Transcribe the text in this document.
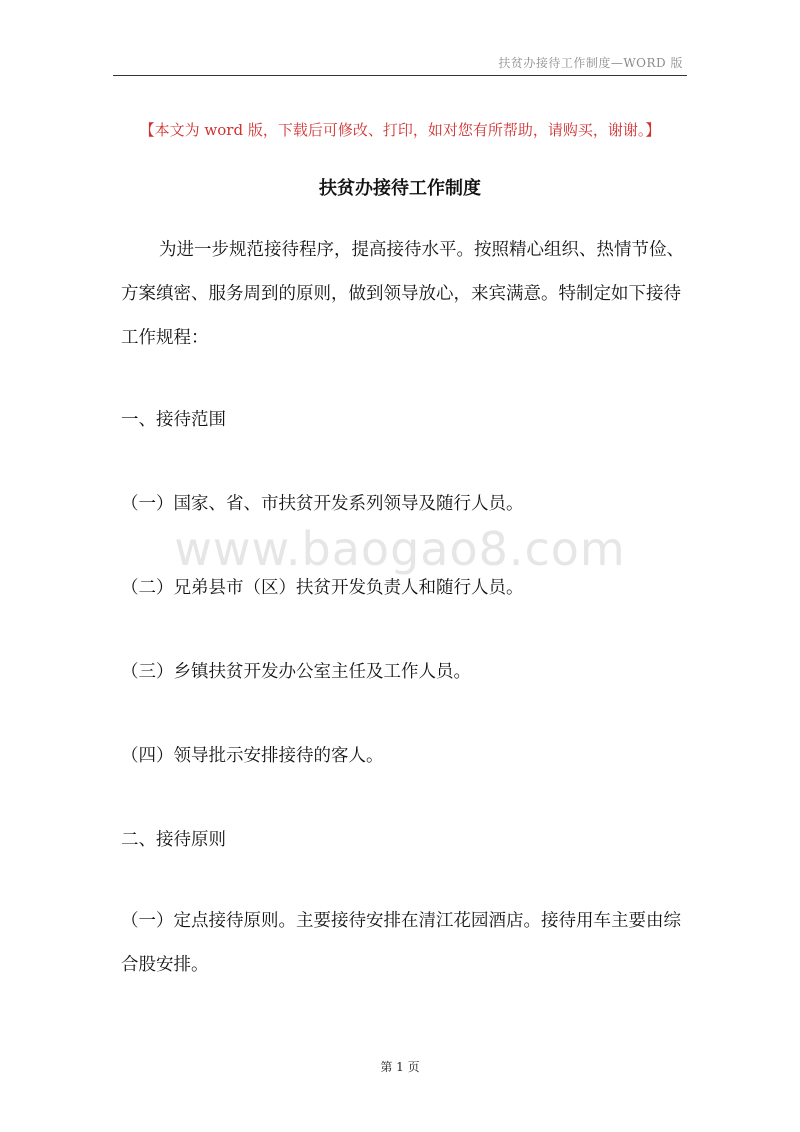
扶贫办接待工作制度—WORD 版
【本文为 word 版，下载后可修改、打印，如对您有所帮助，请购买，谢谢。】
扶贫办接待工作制度
为进一步规范接待程序，提高接待水平。按照精心组织、热情节俭、方案缜密、服务周到的原则，做到领导放心，来宾满意。特制定如下接待工作规程：
一、接待范围
（一）国家、省、市扶贫开发系列领导及随行人员。
www.baogao8.com
（二）兄弟县市（区）扶贫开发负责人和随行人员。
（三）乡镇扶贫开发办公室主任及工作人员。
（四）领导批示安排接待的客人。
二、接待原则
（一）定点接待原则。主要接待安排在清江花园酒店。接待用车主要由综合股安排。
第 1 页
